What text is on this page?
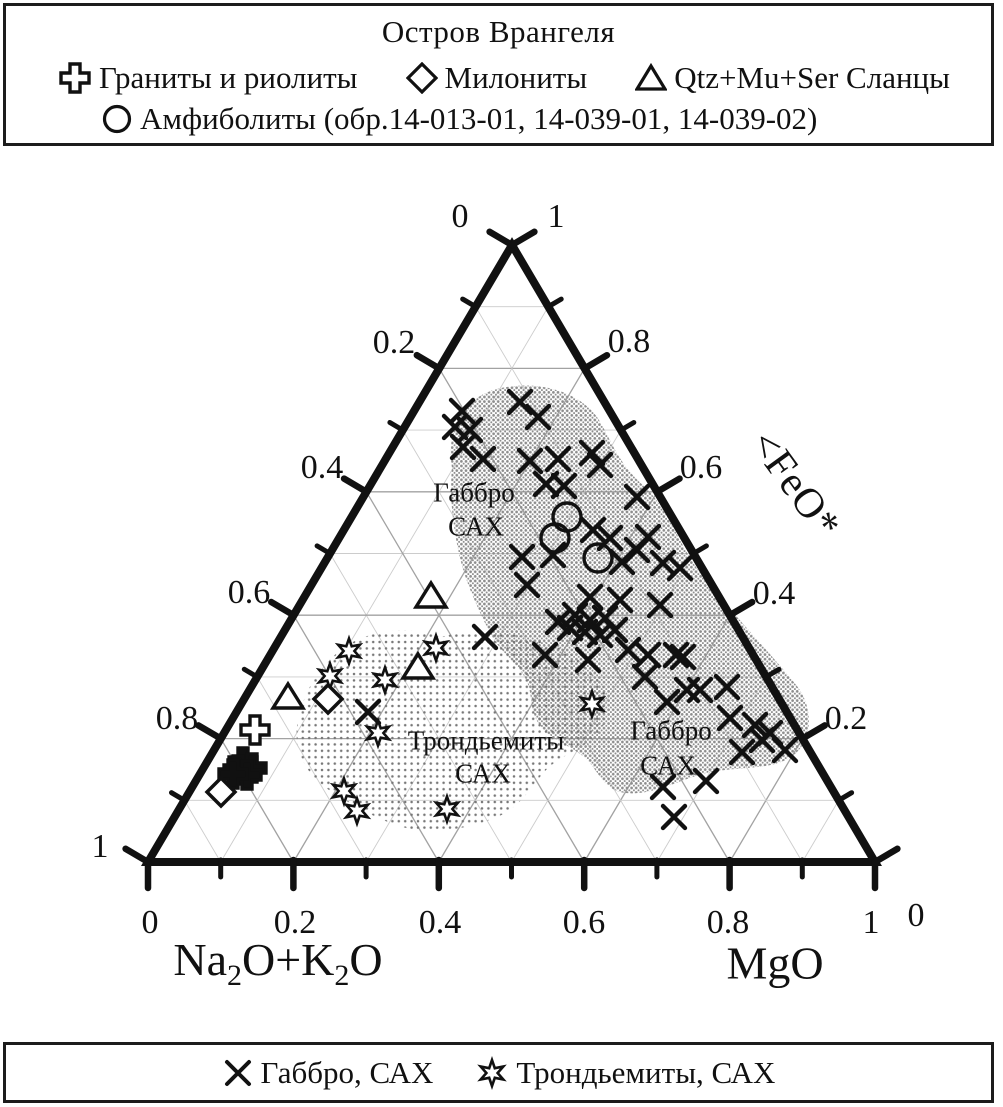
Остров Врангеля
Граниты и риолиты	Милониты	Qtz+Mu+Ser Сланцы
Амфиболиты (обр.14-013-01, 14-039-01, 14-039-02)
$Na_2O+K_2O$	MgO
<FeO*
Габбро
САХ
Трондьемиты
САХ
Габбро
САХ
0
0.2
0.4
0.6
0.8
1
1
0.8
0.6
0.4
0.2
0
0	0.2	0.4	0.6	0.8	1
Габбро, САХ	Трондьемиты, САХ
